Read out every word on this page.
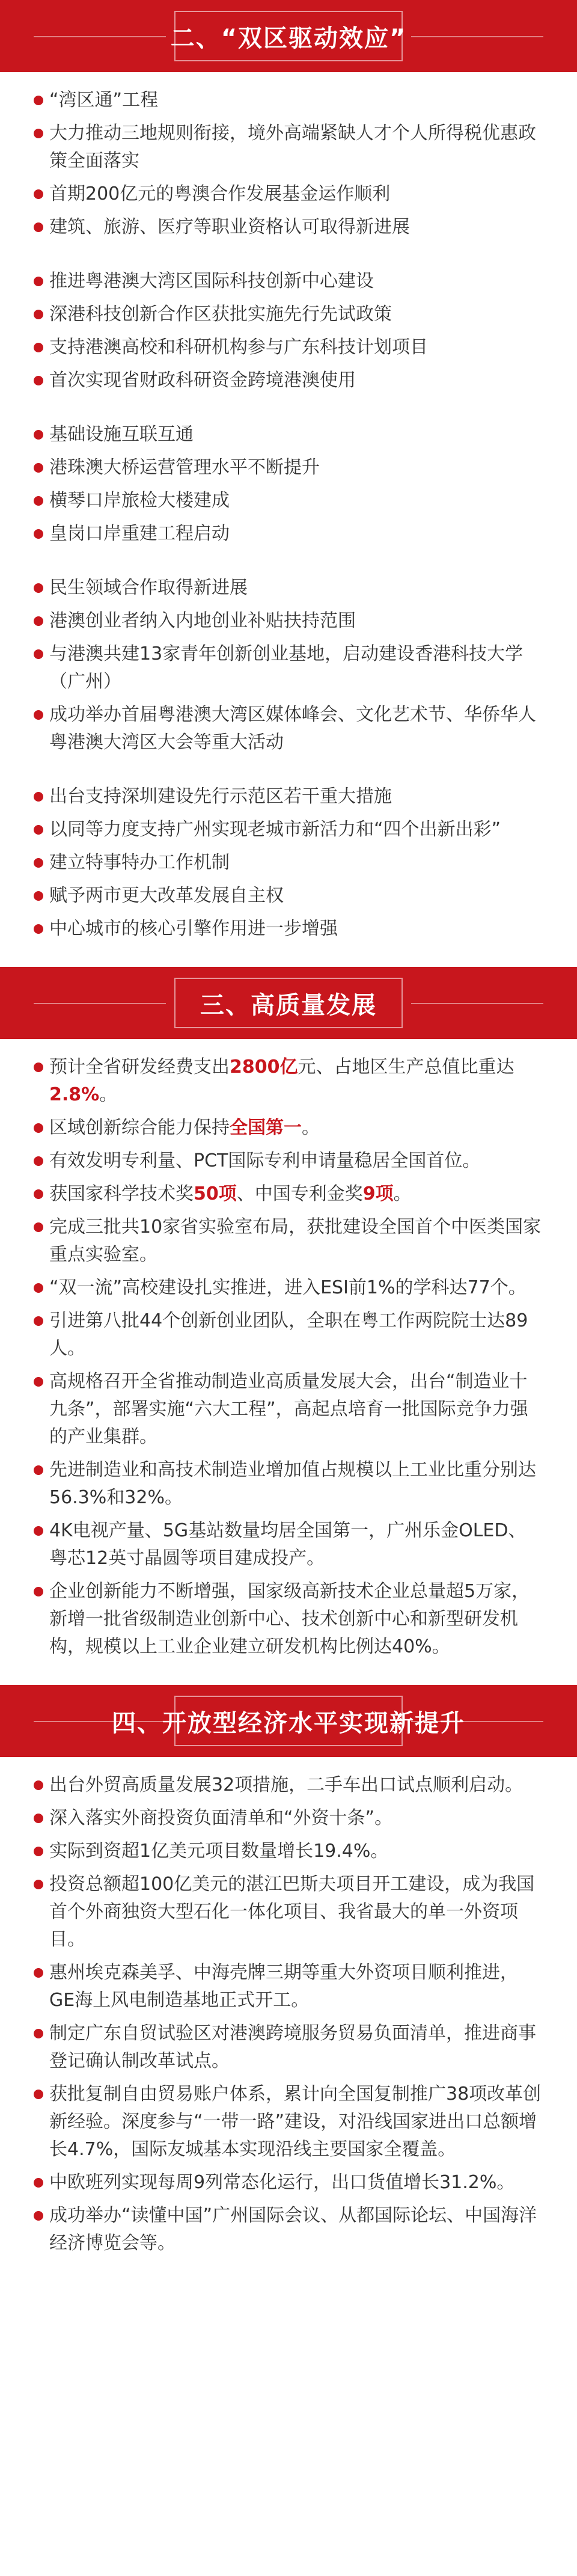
二、“双区驱动效应”
“湾区通”工程
大力推动三地规则衔接，境外高端紧缺人才个人所得税优惠政策全面落实
首期200亿元的粤澳合作发展基金运作顺利
建筑、旅游、医疗等职业资格认可取得新进展
推进粤港澳大湾区国际科技创新中心建设
深港科技创新合作区获批实施先行先试政策
支持港澳高校和科研机构参与广东科技计划项目
首次实现省财政科研资金跨境港澳使用
基础设施互联互通
港珠澳大桥运营管理水平不断提升
横琴口岸旅检大楼建成
皇岗口岸重建工程启动
民生领域合作取得新进展
港澳创业者纳入内地创业补贴扶持范围
与港澳共建13家青年创新创业基地，启动建设香港科技大学（广州）
成功举办首届粤港澳大湾区媒体峰会、文化艺术节、华侨华人粤港澳大湾区大会等重大活动
出台支持深圳建设先行示范区若干重大措施
以同等力度支持广州实现老城市新活力和“四个出新出彩”
建立特事特办工作机制
赋予两市更大改革发展自主权
中心城市的核心引擎作用进一步增强
三、高质量发展
预计全省研发经费支出2800亿元、占地区生产总值比重达2.8%。
区域创新综合能力保持全国第一。
有效发明专利量、PCT国际专利申请量稳居全国首位。
获国家科学技术奖50项、中国专利金奖9项。
完成三批共10家省实验室布局，获批建设全国首个中医类国家重点实验室。
“双一流”高校建设扎实推进，进入ESI前1%的学科达77个。
引进第八批44个创新创业团队，全职在粤工作两院院士达89人。
高规格召开全省推动制造业高质量发展大会，出台“制造业十九条”，部署实施“六大工程”，高起点培育一批国际竞争力强的产业集群。
先进制造业和高技术制造业增加值占规模以上工业比重分别达56.3%和32%。
4K电视产量、5G基站数量均居全国第一，广州乐金OLED、粤芯12英寸晶圆等项目建成投产。
企业创新能力不断增强，国家级高新技术企业总量超5万家，新增一批省级制造业创新中心、技术创新中心和新型研发机构，规模以上工业企业建立研发机构比例达40%。
四、开放型经济水平实现新提升
出台外贸高质量发展32项措施，二手车出口试点顺利启动。
深入落实外商投资负面清单和“外资十条”。
实际到资超1亿美元项目数量增长19.4%。
投资总额超100亿美元的湛江巴斯夫项目开工建设，成为我国首个外商独资大型石化一体化项目、我省最大的单一外资项目。
惠州埃克森美孚、中海壳牌三期等重大外资项目顺利推进，GE海上风电制造基地正式开工。
制定广东自贸试验区对港澳跨境服务贸易负面清单，推进商事登记确认制改革试点。
获批复制自由贸易账户体系，累计向全国复制推广38项改革创新经验。深度参与“一带一路”建设，对沿线国家进出口总额增长4.7%，国际友城基本实现沿线主要国家全覆盖。
中欧班列实现每周9列常态化运行，出口货值增长31.2%。
成功举办“读懂中国”广州国际会议、从都国际论坛、中国海洋经济博览会等。
